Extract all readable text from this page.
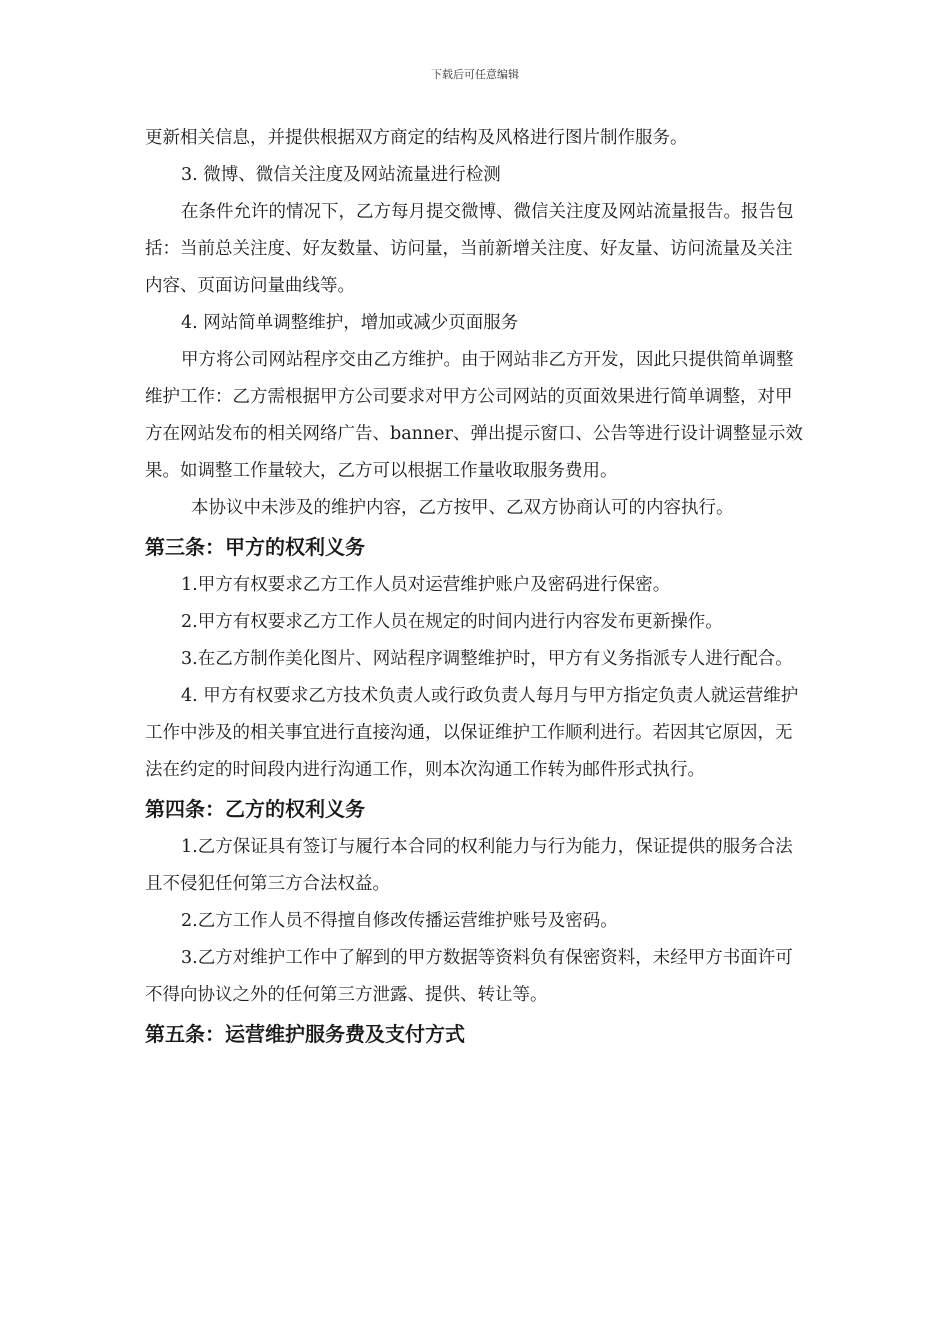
下载后可任意编辑

更新相关信息，并提供根据双方商定的结构及风格进行图片制作服务。

3. 微博、微信关注度及网站流量进行检测

在条件允许的情况下，乙方每月提交微博、微信关注度及网站流量报告。报告包括：当前总关注度、好友数量、访问量，当前新增关注度、好友量、访问流量及关注内容、页面访问量曲线等。

4. 网站简单调整维护，增加或减少页面服务

甲方将公司网站程序交由乙方维护。由于网站非乙方开发，因此只提供简单调整维护工作：乙方需根据甲方公司要求对甲方公司网站的页面效果进行简单调整，对甲方在网站发布的相关网络广告、banner、弹出提示窗口、公告等进行设计调整显示效果。如调整工作量较大，乙方可以根据工作量收取服务费用。

本协议中未涉及的维护内容，乙方按甲、乙双方协商认可的内容执行。

第三条：甲方的权利义务

1.甲方有权要求乙方工作人员对运营维护账户及密码进行保密。

2.甲方有权要求乙方工作人员在规定的时间内进行内容发布更新操作。

3.在乙方制作美化图片、网站程序调整维护时，甲方有义务指派专人进行配合。

4. 甲方有权要求乙方技术负责人或行政负责人每月与甲方指定负责人就运营维护工作中涉及的相关事宜进行直接沟通，以保证维护工作顺利进行。若因其它原因，无法在约定的时间段内进行沟通工作，则本次沟通工作转为邮件形式执行。

第四条：乙方的权利义务

1.乙方保证具有签订与履行本合同的权利能力与行为能力，保证提供的服务合法且不侵犯任何第三方合法权益。

2.乙方工作人员不得擅自修改传播运营维护账号及密码。

3.乙方对维护工作中了解到的甲方数据等资料负有保密资料，未经甲方书面许可不得向协议之外的任何第三方泄露、提供、转让等。

第五条：运营维护服务费及支付方式
